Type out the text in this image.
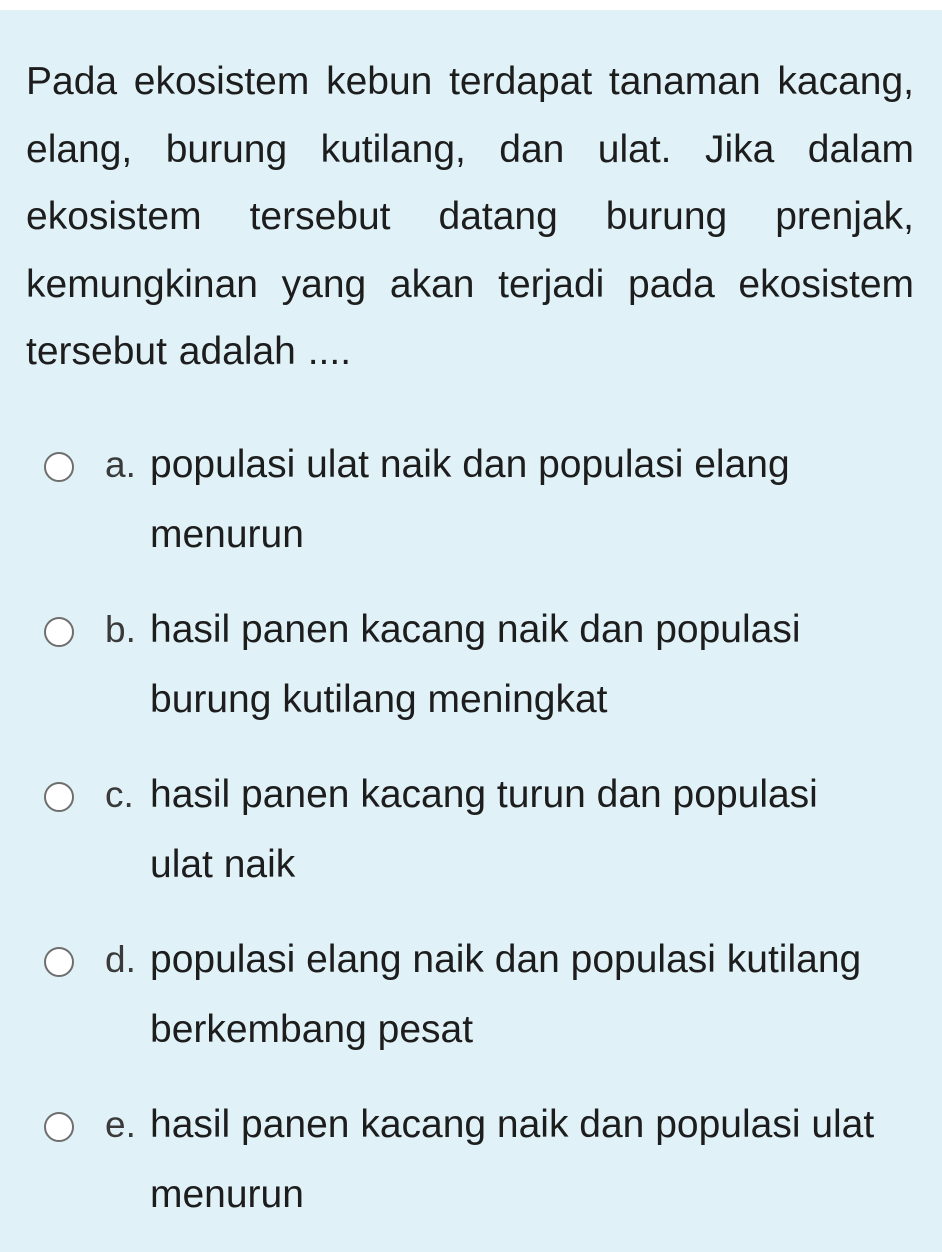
Pada ekosistem kebun terdapat tanaman kacang, elang, burung kutilang, dan ulat. Jika dalam ekosistem tersebut datang burung prenjak, kemungkinan yang akan terjadi pada ekosistem tersebut adalah ....

a. populasi ulat naik dan populasi elang menurun
b. hasil panen kacang naik dan populasi burung kutilang meningkat
c. hasil panen kacang turun dan populasi ulat naik
d. populasi elang naik dan populasi kutilang berkembang pesat
e. hasil panen kacang naik dan populasi ulat menurun
